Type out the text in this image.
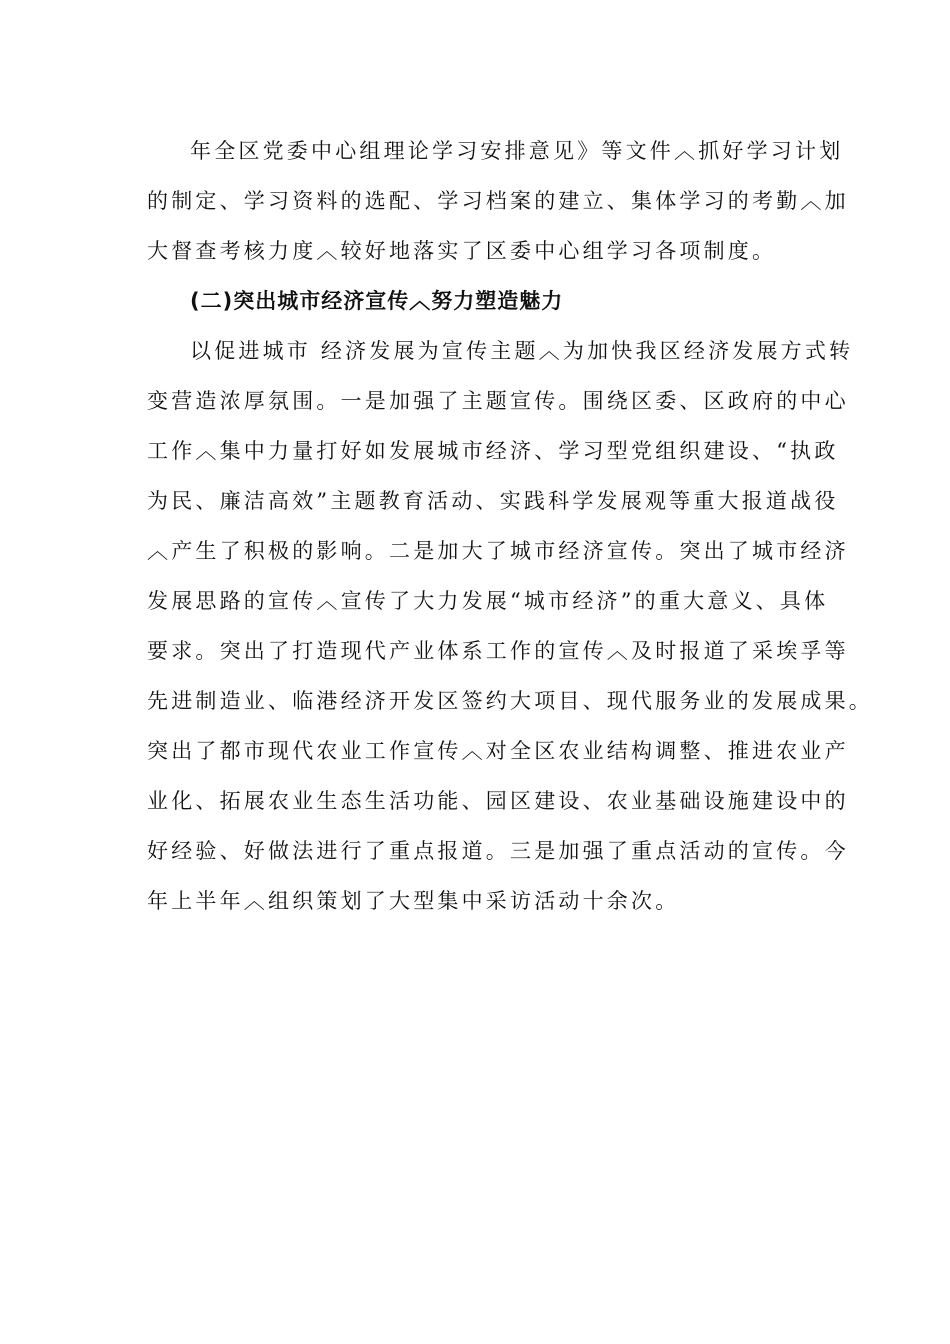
年全区党委中心组理论学习安排意见》等文件︿抓好学习计划
的制定、学习资料的选配、学习档案的建立、集体学习的考勤︿加
大督查考核力度︿较好地落实了区委中心组学习各项制度。
(二)突出城市经济宣传︿努力塑造魅力
以促进城市 经济发展为宣传主题︿为加快我区经济发展方式转
变营造浓厚氛围。一是加强了主题宣传。围绕区委、区政府的中心
工作︿集中力量打好如发展城市经济、学习型党组织建设、“执政
为民、廉洁高效”主题教育活动、实践科学发展观等重大报道战役
︿产生了积极的影响。二是加大了城市经济宣传。突出了城市经济
发展思路的宣传︿宣传了大力发展“城市经济”的重大意义、具体
要求。突出了打造现代产业体系工作的宣传︿及时报道了采埃孚等
先进制造业、临港经济开发区签约大项目、现代服务业的发展成果。
突出了都市现代农业工作宣传︿对全区农业结构调整、推进农业产
业化、拓展农业生态生活功能、园区建设、农业基础设施建设中的
好经验、好做法进行了重点报道。三是加强了重点活动的宣传。今
年上半年︿组织策划了大型集中采访活动十余次。
